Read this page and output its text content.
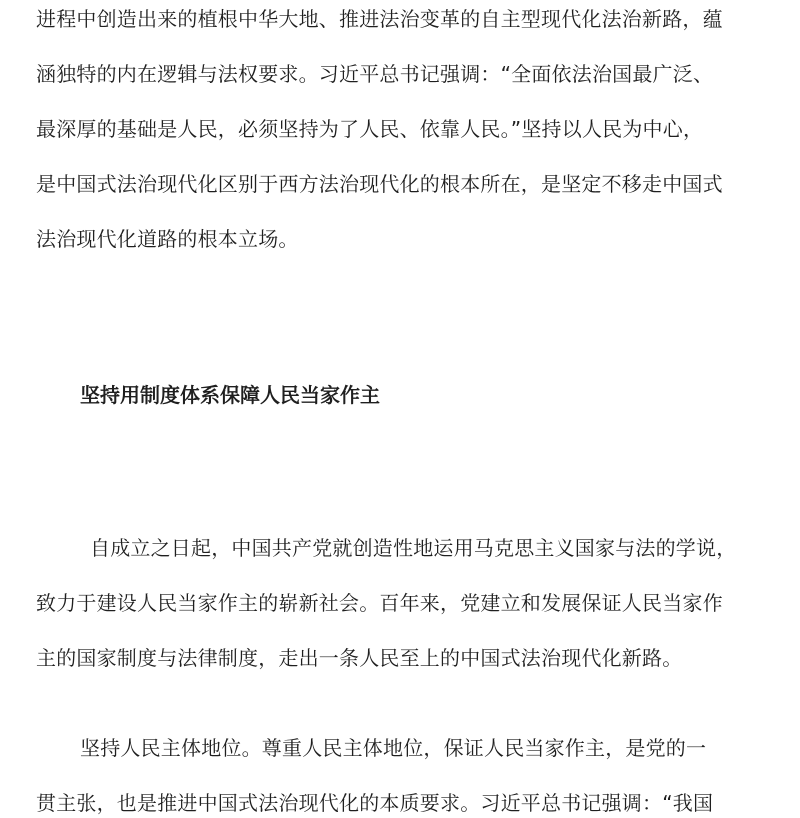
进程中创造出来的植根中华大地、推进法治变革的自主型现代化法治新路，蕴
涵独特的内在逻辑与法权要求。习近平总书记强调：“全面依法治国最广泛、
最深厚的基础是人民，必须坚持为了人民、依靠人民。”坚持以人民为中心，
是中国式法治现代化区别于西方法治现代化的根本所在，是坚定不移走中国式
法治现代化道路的根本立场。
坚持用制度体系保障人民当家作主
自成立之日起，中国共产党就创造性地运用马克思主义国家与法的学说，
致力于建设人民当家作主的崭新社会。百年来，党建立和发展保证人民当家作
主的国家制度与法律制度，走出一条人民至上的中国式法治现代化新路。
坚持人民主体地位。尊重人民主体地位，保证人民当家作主，是党的一
贯主张，也是推进中国式法治现代化的本质要求。习近平总书记强调：“我国
